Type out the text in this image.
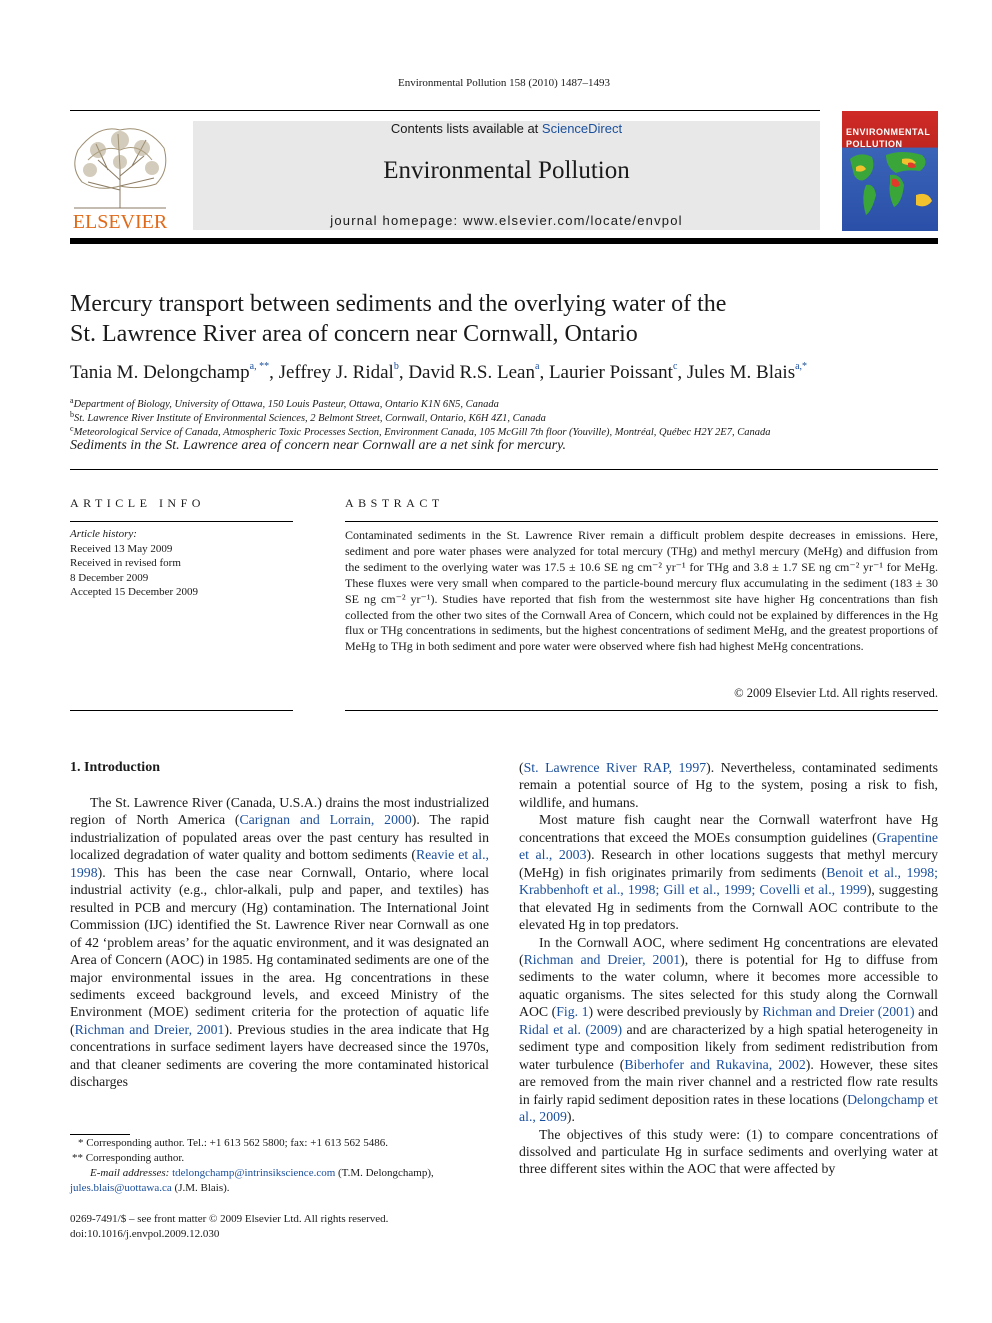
Environmental Pollution 158 (2010) 1487–1493
ELSEVIER
Contents lists available at ScienceDirect
Environmental Pollution
journal homepage: www.elsevier.com/locate/envpol
ENVIRONMENTAL POLLUTION
Mercury transport between sediments and the overlying water of the
St. Lawrence River area of concern near Cornwall, Ontario
Tania M. Delongchamp$^{a, **}$, Jeffrey J. Ridal$^b$, David R.S. Lean$^a$, Laurier Poissant$^c$, Jules M. Blais$^{a,*}$
$^a$Department of Biology, University of Ottawa, 150 Louis Pasteur, Ottawa, Ontario K1N 6N5, Canada
$^b$St. Lawrence River Institute of Environmental Sciences, 2 Belmont Street, Cornwall, Ontario, K6H 4Z1, Canada
$^c$Meteorological Service of Canada, Atmospheric Toxic Processes Section, Environment Canada, 105 McGill 7th floor (Youville), Montréal, Québec H2Y 2E7, Canada
Sediments in the St. Lawrence area of concern near Cornwall are a net sink for mercury.
ARTICLE INFO	ABSTRACT
Article history:
Received 13 May 2009
Received in revised form
8 December 2009
Accepted 15 December 2009
Contaminated sediments in the St. Lawrence River remain a difficult problem despite decreases in emissions. Here, sediment and pore water phases were analyzed for total mercury (THg) and methyl mercury (MeHg) and diffusion from the sediment to the overlying water was 17.5 ± 10.6 SE ng cm⁻² yr⁻¹ for THg and 3.8 ± 1.7 SE ng cm⁻² yr⁻¹ for MeHg. These fluxes were very small when compared to the particle-bound mercury flux accumulating in the sediment (183 ± 30 SE ng cm⁻² yr⁻¹). Studies have reported that fish from the westernmost site have higher Hg concentrations than fish collected from the other two sites of the Cornwall Area of Concern, which could not be explained by differences in the Hg flux or THg concentrations in sediments, but the highest concentrations of sediment MeHg, and the greatest proportions of MeHg to THg in both sediment and pore water were observed where fish had highest MeHg concentrations.
© 2009 Elsevier Ltd. All rights reserved.
1. Introduction

The St. Lawrence River (Canada, U.S.A.) drains the most industrialized region of North America (Carignan and Lorrain, 2000). The rapid industrialization of populated areas over the past century has resulted in localized degradation of water quality and bottom sediments (Reavie et al., 1998). This has been the case near Cornwall, Ontario, where local industrial activity (e.g., chlor-alkali, pulp and paper, and textiles) has resulted in PCB and mercury (Hg) contamination. The International Joint Commission (IJC) identified the St. Lawrence River near Cornwall as one of 42 ‘problem areas’ for the aquatic environment, and it was designated an Area of Concern (AOC) in 1985. Hg contaminated sediments are one of the major environmental issues in the area. Hg concentrations in these sediments exceed background levels, and exceed Ministry of the Environment (MOE) sediment criteria for the protection of aquatic life (Richman and Dreier, 2001). Previous studies in the area indicate that Hg concentrations in surface sediment layers have decreased since the 1970s, and that cleaner sediments are covering the more contaminated historical discharges

(St. Lawrence River RAP, 1997). Nevertheless, contaminated sediments remain a potential source of Hg to the system, posing a risk to fish, wildlife, and humans.

Most mature fish caught near the Cornwall waterfront have Hg concentrations that exceed the MOEs consumption guidelines (Grapentine et al., 2003). Research in other locations suggests that methyl mercury (MeHg) in fish originates primarily from sediments (Benoit et al., 1998; Krabbenhoft et al., 1998; Gill et al., 1999; Covelli et al., 1999), suggesting that elevated Hg in sediments from the Cornwall AOC contribute to the elevated Hg in top predators.

In the Cornwall AOC, where sediment Hg concentrations are elevated (Richman and Dreier, 2001), there is potential for Hg to diffuse from sediments to the water column, where it becomes more accessible to aquatic organisms. The sites selected for this study along the Cornwall AOC (Fig. 1) were described previously by Richman and Dreier (2001) and Ridal et al. (2009) and are characterized by a high spatial heterogeneity in sediment type and composition likely from sediment redistribution from water turbulence (Biberhofer and Rukavina, 2002). However, these sites are removed from the main river channel and a restricted flow rate results in fairly rapid sediment deposition rates in these locations (Delongchamp et al., 2009).

The objectives of this study were: (1) to compare concentrations of dissolved and particulate Hg in surface sediments and overlying water at three different sites within the AOC that were affected by

* Corresponding author. Tel.: +1 613 562 5800; fax: +1 613 562 5486.
** Corresponding author.
E-mail addresses: tdelongchamp@intrinsikscience.com (T.M. Delongchamp),
jules.blais@uottawa.ca (J.M. Blais).
0269-7491/$ – see front matter © 2009 Elsevier Ltd. All rights reserved.
doi:10.1016/j.envpol.2009.12.030
